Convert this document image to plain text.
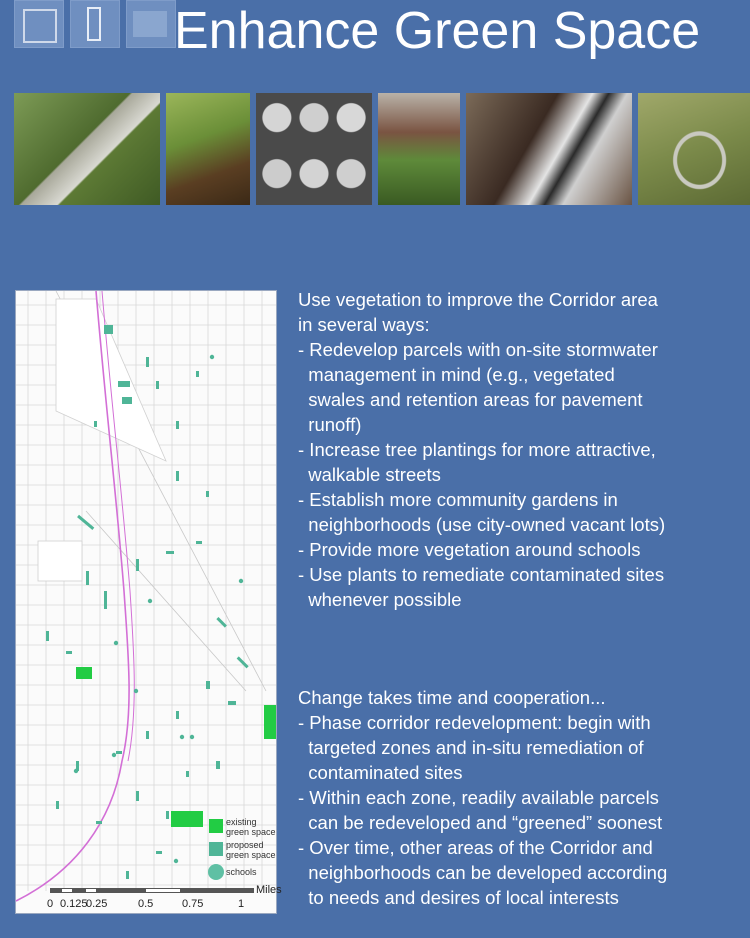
Enhance Green Space
existing
green space
proposed
green space
schools
Miles
0 0.125
0.25	0.5	0.75	1
Use vegetation to improve the Corridor area
in several ways:
- Redevelop parcels with on-site stormwater
management in mind (e.g., vegetated
swales and retention areas for pavement
runoff)
- Increase tree plantings for more attractive,
walkable streets
- Establish more community gardens in
neighborhoods (use city-owned vacant lots)
- Provide more vegetation around schools
- Use plants to remediate contaminated sites
whenever possible
Change takes time and cooperation...
- Phase corridor redevelopment: begin with
targeted zones and in-situ remediation of
contaminated sites
- Within each zone, readily available parcels
can be redeveloped and “greened” soonest
- Over time, other areas of the Corridor and
neighborhoods can be developed according
to needs and desires of local interests
